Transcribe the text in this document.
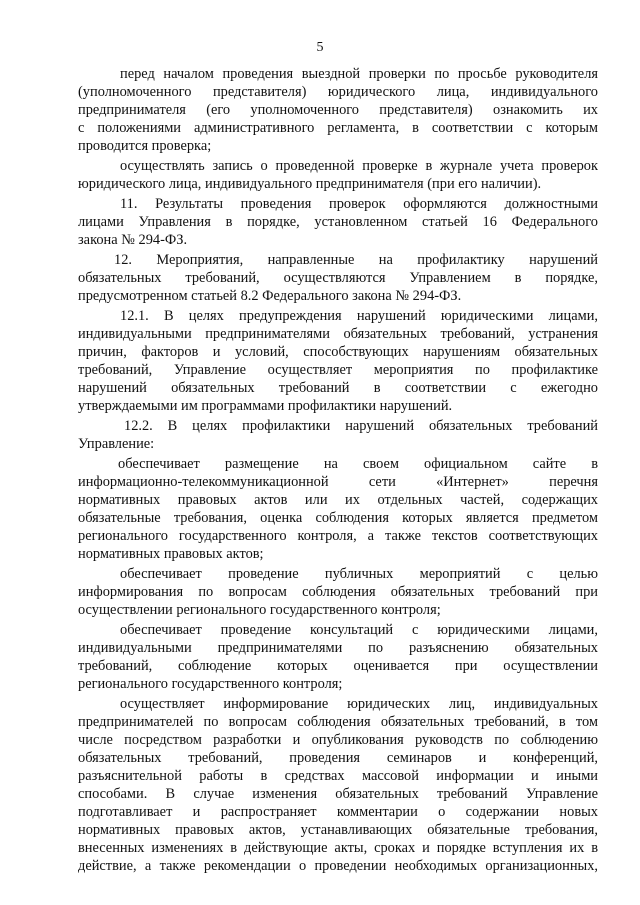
5
перед началом проведения выездной проверки по просьбе руководителя
(уполномоченного представителя) юридического лица, индивидуального
предпринимателя (его уполномоченного представителя) ознакомить их
с положениями административного регламента, в соответствии с которым
проводится проверка;
осуществлять запись о проведенной проверке в журнале учета проверок
юридического лица, индивидуального предпринимателя (при его наличии).
11. Результаты проведения проверок оформляются должностными
лицами Управления в порядке, установленном статьей 16 Федерального
закона № 294-ФЗ.
12. Мероприятия, направленные на профилактику нарушений
обязательных требований, осуществляются Управлением в порядке,
предусмотренном статьей 8.2 Федерального закона № 294-ФЗ.
12.1. В целях предупреждения нарушений юридическими лицами,
индивидуальными предпринимателями обязательных требований, устранения
причин, факторов и условий, способствующих нарушениям обязательных
требований, Управление осуществляет мероприятия по профилактике
нарушений обязательных требований в соответствии с ежегодно
утверждаемыми им программами профилактики нарушений.
12.2. В целях профилактики нарушений обязательных требований
Управление:
обеспечивает размещение на своем официальном сайте в
информационно-телекоммуникационной сети «Интернет» перечня
нормативных правовых актов или их отдельных частей, содержащих
обязательные требования, оценка соблюдения которых является предметом
регионального государственного контроля, а также текстов соответствующих
нормативных правовых актов;
обеспечивает проведение публичных мероприятий с целью
информирования по вопросам соблюдения обязательных требований при
осуществлении регионального государственного контроля;
обеспечивает проведение консультаций с юридическими лицами,
индивидуальными предпринимателями по разъяснению обязательных
требований, соблюдение которых оценивается при осуществлении
регионального государственного контроля;
осуществляет информирование юридических лиц, индивидуальных
предпринимателей по вопросам соблюдения обязательных требований, в том
числе посредством разработки и опубликования руководств по соблюдению
обязательных требований, проведения семинаров и конференций,
разъяснительной работы в средствах массовой информации и иными
способами. В случае изменения обязательных требований Управление
подготавливает и распространяет комментарии о содержании новых
нормативных правовых актов, устанавливающих обязательные требования,
внесенных изменениях в действующие акты, сроках и порядке вступления их в
действие, а также рекомендации о проведении необходимых организационных,
